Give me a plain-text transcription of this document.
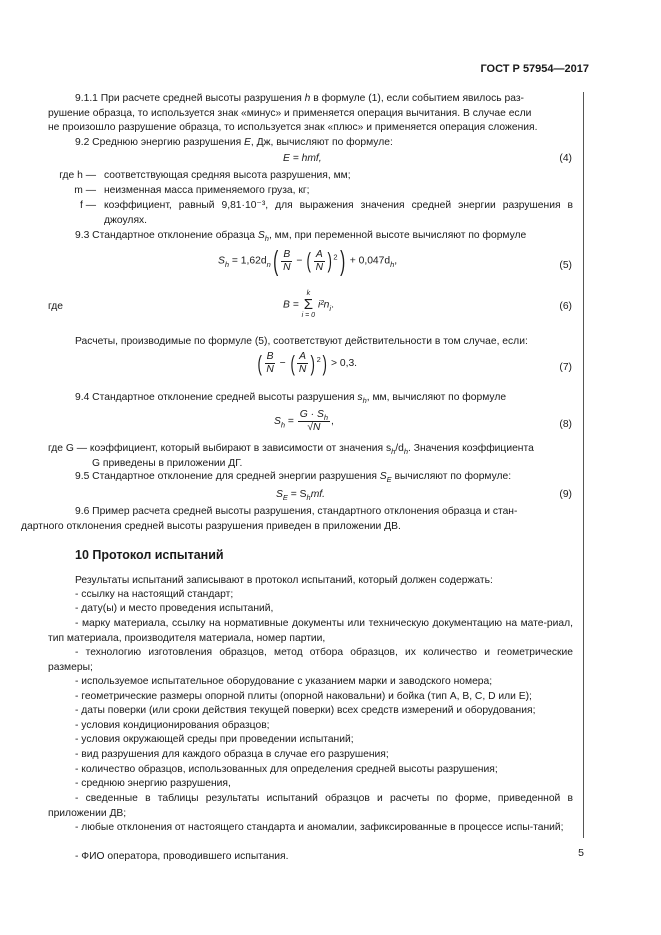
ГОСТ Р 57954—2017
9.1.1 При расчете средней высоты разрушения h в формуле (1), если событием явилось раз-
рушение образца, то используется знак «минус» и применяется операция вычитания. В случае если
не произошло разрушение образца, то используется знак «плюс» и применяется операция сложения.
9.2 Среднюю энергию разрушения E, Дж, вычисляют по формуле:
E = hmf,	(4)
где h — соответствующая средняя высота разрушения, мм;
m — неизменная масса применяемого груза, кг;
f — коэффициент, равный 9,81·10⁻³, для выражения значения средней энергии разрушения в джоулях.
9.3 Стандартное отклонение образца $S_h$, мм, при переменной высоте вычисляют по формуле
$S_h = 1,62d_n( \frac{B}{N}$ − ( $\frac{A}{N} )^2) + 0,047d_h$,	(5)
где	B =
k
Σ
i = 0
$i^2n_i$.	(6)
Расчеты, производимые по формуле (5), соответствуют действительности в том случае, если:
( $\frac{B}{N}$ − ( $\frac{A}{N} )^2) > 0,3$.	(7)
9.4 Стандартное отклонение средней высоты разрушения $s_h$, мм, вычисляют по формуле
$S_h = \frac{G \cdot S_h}{√N}$ ,	(8)
где G — коэффициент, который выбирают в зависимости от значения $s_h/d_h$. Значения коэффициента
G приведены в приложении ДГ.
9.5 Стандартное отклонение для средней энергии разрушения $S_E$ вычисляют по формуле:
$S_E = S_hmf$.	(9)
9.6 Пример расчета средней высоты разрушения, стандартного отклонения образца и стан-
дартного отклонения средней высоты разрушения приведен в приложении ДВ.
10 Протокол испытаний
Результаты испытаний записывают в протокол испытаний, который должен содержать:
- ссылку на настоящий стандарт;
- дату(ы) и место проведения испытаний,
- марку материала, ссылку на нормативные документы или техническую документацию на мате-риал, тип материала, производителя материала, номер партии,
- технологию изготовления образцов, метод отбора образцов, их количество и геометрические размеры;
- используемое испытательное оборудование с указанием марки и заводского номера;
- геометрические размеры опорной плиты (опорной наковальни) и бойка (тип А, В, С, D или Е);
- даты поверки (или сроки действия текущей поверки) всех средств измерений и оборудования;
- условия кондиционирования образцов;
- условия окружающей среды при проведении испытаний;
- вид разрушения для каждого образца в случае его разрушения;
- количество образцов, использованных для определения средней высоты разрушения;
- среднюю энергию разрушения,
- сведенные в таблицы результаты испытаний образцов и расчеты по форме, приведенной в приложении ДВ;
- любые отклонения от настоящего стандарта и аномалии, зафиксированные в процессе испы-таний;
- ФИО оператора, проводившего испытания.	5
